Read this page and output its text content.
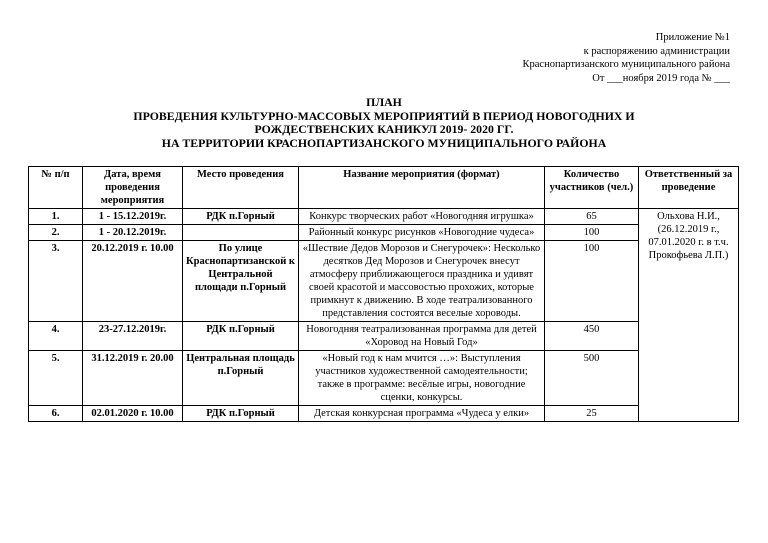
Приложение №1
к распоряжению администрации
Краснопартизанского муниципального района
От ___ноября 2019 года № ___
ПЛАН
ПРОВЕДЕНИЯ КУЛЬТУРНО-МАССОВЫХ МЕРОПРИЯТИЙ В ПЕРИОД НОВОГОДНИХ И
РОЖДЕСТВЕНСКИХ КАНИКУЛ 2019- 2020 ГГ.
НА ТЕРРИТОРИИ КРАСНОПАРТИЗАНСКОГО МУНИЦИПАЛЬНОГО РАЙОНА
№ п/п	Дата, время проведения мероприятия	Место проведения	Название мероприятия (формат)	Количество участников (чел.)	Ответственный за проведение
1.	1 - 15.12.2019г.	РДК п.Горный	Конкурс творческих работ «Новогодняя игрушка»	65	Ольхова Н.И., (26.12.2019 г., 07.01.2020 г. в т.ч. Прокофьева Л.П.)
2.	1 - 20.12.2019г.		Районный конкурс рисунков «Новогодние чудеса»	100	
3.	20.12.2019 г. 10.00	По улице Краснопартизанской к Центральной площади п.Горный	«Шествие Дедов Морозов и Снегурочек»: Несколько десятков Дед Морозов и Снегурочек внесут атмосферу приближающегося праздника и удивят своей красотой и массовостью прохожих, которые примкнут к движению. В ходе театрализованного представления состоятся веселые хороводы.	100	
4.	23-27.12.2019г.	РДК п.Горный	Новогодняя театрализованная программа для детей «Хоровод на Новый Год»	450	
5.	31.12.2019 г. 20.00	Центральная площадь п.Горный	«Новый год к нам мчится …»: Выступления участников художественной самодеятельности; также в программе: весёлые игры, новогодние сценки, конкурсы.	500	
6.	02.01.2020 г. 10.00	РДК п.Горный	Детская конкурсная программа «Чудеса у елки»	25	
